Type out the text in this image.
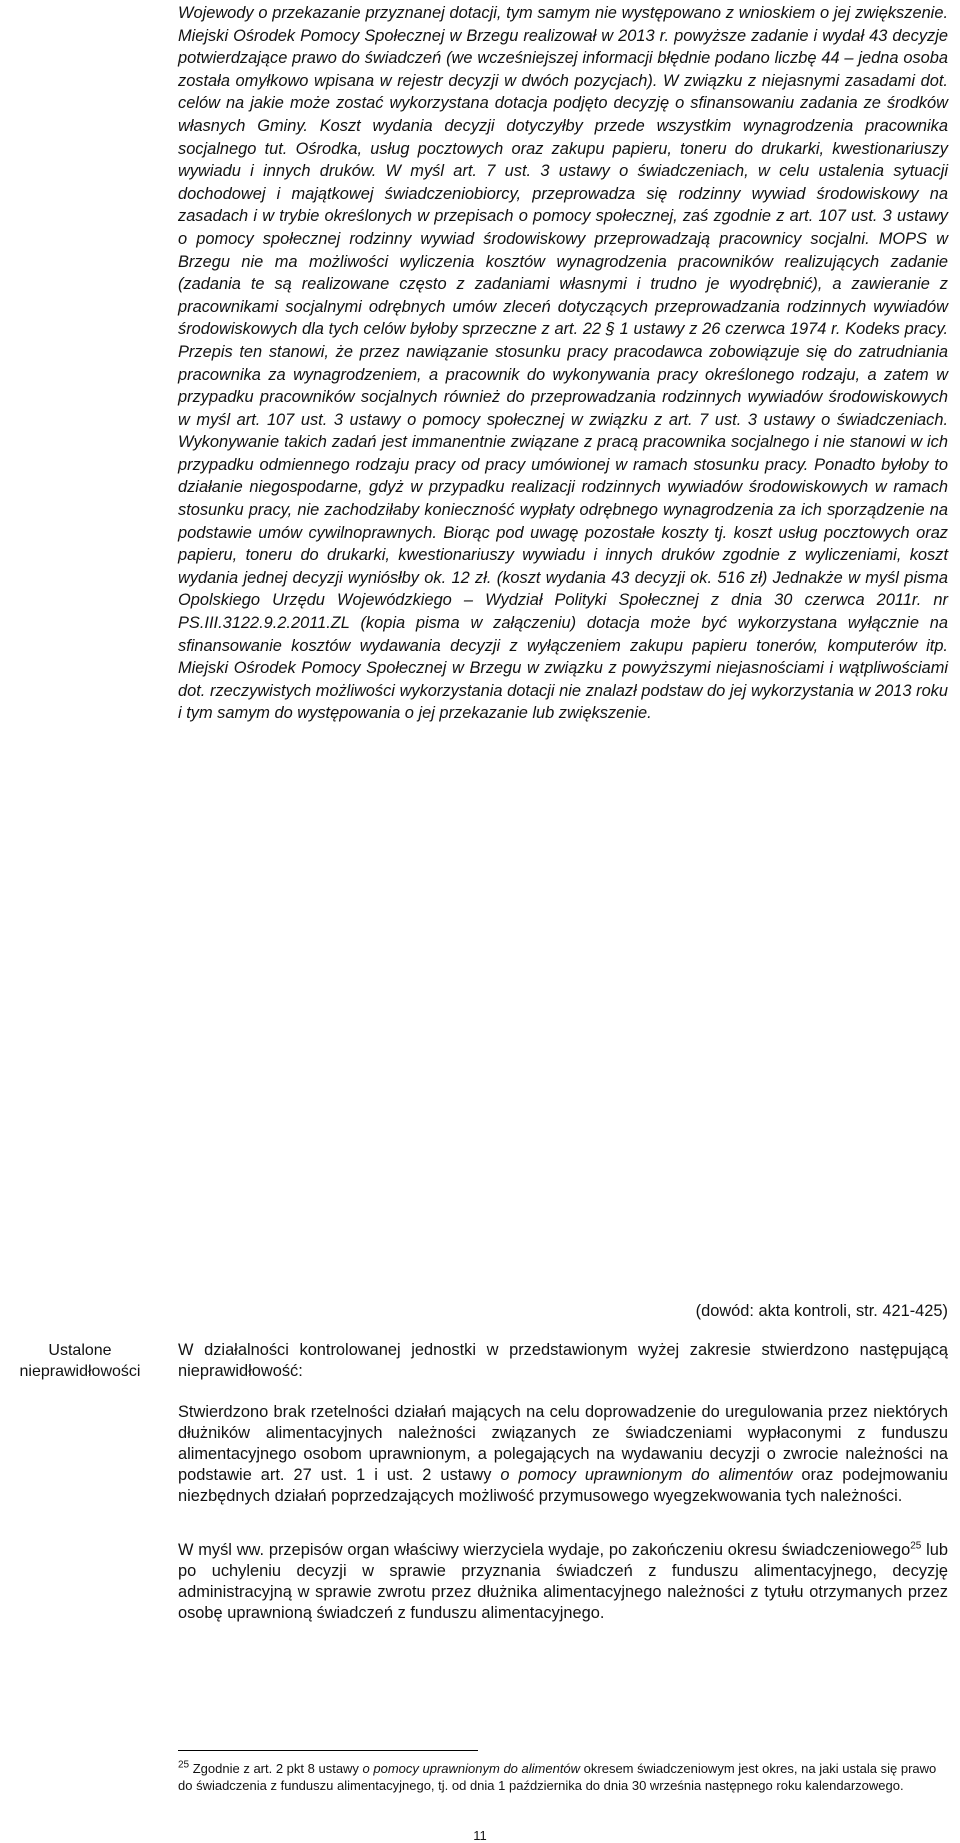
Wojewody o przekazanie przyznanej dotacji, tym samym nie występowano z wnioskiem o jej zwiększenie. Miejski Ośrodek Pomocy Społecznej w Brzegu realizował w 2013 r. powyższe zadanie i wydał 43 decyzje potwierdzające prawo do świadczeń (we wcześniejszej informacji błędnie podano liczbę 44 – jedna osoba została omyłkowo wpisana w rejestr decyzji w dwóch pozycjach). W związku z niejasnymi zasadami dot. celów na jakie może zostać wykorzystana dotacja podjęto decyzję o sfinansowaniu zadania ze środków własnych Gminy. Koszt wydania decyzji dotyczyłby przede wszystkim wynagrodzenia pracownika socjalnego tut. Ośrodka, usług pocztowych oraz zakupu papieru, toneru do drukarki, kwestionariuszy wywiadu i innych druków. W myśl art. 7 ust. 3 ustawy o świadczeniach, w celu ustalenia sytuacji dochodowej i majątkowej świadczeniobiorcy, przeprowadza się rodzinny wywiad środowiskowy na zasadach i w trybie określonych w przepisach o pomocy społecznej, zaś zgodnie z art. 107 ust. 3 ustawy o pomocy społecznej rodzinny wywiad środowiskowy przeprowadzają pracownicy socjalni. MOPS w Brzegu nie ma możliwości wyliczenia kosztów wynagrodzenia pracowników realizujących zadanie (zadania te są realizowane często z zadaniami własnymi i trudno je wyodrębnić), a zawieranie z pracownikami socjalnymi odrębnych umów zleceń dotyczących przeprowadzania rodzinnych wywiadów środowiskowych dla tych celów byłoby sprzeczne z art. 22 § 1 ustawy z 26 czerwca 1974 r. Kodeks pracy. Przepis ten stanowi, że przez nawiązanie stosunku pracy pracodawca zobowiązuje się do zatrudniania pracownika za wynagrodzeniem, a pracownik do wykonywania pracy określonego rodzaju, a zatem w przypadku pracowników socjalnych również do przeprowadzania rodzinnych wywiadów środowiskowych w myśl art. 107 ust. 3 ustawy o pomocy społecznej w związku z art. 7 ust. 3 ustawy o świadczeniach. Wykonywanie takich zadań jest immanentnie związane z pracą pracownika socjalnego i nie stanowi w ich przypadku odmiennego rodzaju pracy od pracy umówionej w ramach stosunku pracy. Ponadto byłoby to działanie niegospodarne, gdyż w przypadku realizacji rodzinnych wywiadów środowiskowych w ramach stosunku pracy, nie zachodziłaby konieczność wypłaty odrębnego wynagrodzenia za ich sporządzenie na podstawie umów cywilnoprawnych. Biorąc pod uwagę pozostałe koszty tj. koszt usług pocztowych oraz papieru, toneru do drukarki, kwestionariuszy wywiadu i innych druków zgodnie z wyliczeniami, koszt wydania jednej decyzji wyniósłby ok. 12 zł. (koszt wydania 43 decyzji ok. 516 zł) Jednakże w myśl pisma Opolskiego Urzędu Wojewódzkiego – Wydział Polityki Społecznej z dnia 30 czerwca 2011r. nr PS.III.3122.9.2.2011.ZL (kopia pisma w załączeniu) dotacja może być wykorzystana wyłącznie na sfinansowanie kosztów wydawania decyzji z wyłączeniem zakupu papieru tonerów, komputerów itp. Miejski Ośrodek Pomocy Społecznej w Brzegu w związku z powyższymi niejasnościami i wątpliwościami dot. rzeczywistych możliwości wykorzystania dotacji nie znalazł podstaw do jej wykorzystania w 2013 roku i tym samym do występowania o jej przekazanie lub zwiększenie.
(dowód: akta kontroli, str. 421-425)
Ustalone nieprawidłowości
W działalności kontrolowanej jednostki w przedstawionym wyżej zakresie stwierdzono następującą nieprawidłowość:
Stwierdzono brak rzetelności działań mających na celu doprowadzenie do uregulowania przez niektórych dłużników alimentacyjnych należności związanych ze świadczeniami wypłaconymi z funduszu alimentacyjnego osobom uprawnionym, a polegających na wydawaniu decyzji o zwrocie należności na podstawie art. 27 ust. 1 i ust. 2 ustawy o pomocy uprawnionym do alimentów oraz podejmowaniu niezbędnych działań poprzedzających możliwość przymusowego wyegzekwowania tych należności.
W myśl ww. przepisów organ właściwy wierzyciela wydaje, po zakończeniu okresu świadczeniowego$^{25}$ lub po uchyleniu decyzji w sprawie przyznania świadczeń z funduszu alimentacyjnego, decyzję administracyjną w sprawie zwrotu przez dłużnika alimentacyjnego należności z tytułu otrzymanych przez osobę uprawnioną świadczeń z funduszu alimentacyjnego.
$^{25}$ Zgodnie z art. 2 pkt 8 ustawy o pomocy uprawnionym do alimentów okresem świadczeniowym jest okres, na jaki ustala się prawo do świadczenia z funduszu alimentacyjnego, tj. od dnia 1 października do dnia 30 września następnego roku kalendarzowego.
11
